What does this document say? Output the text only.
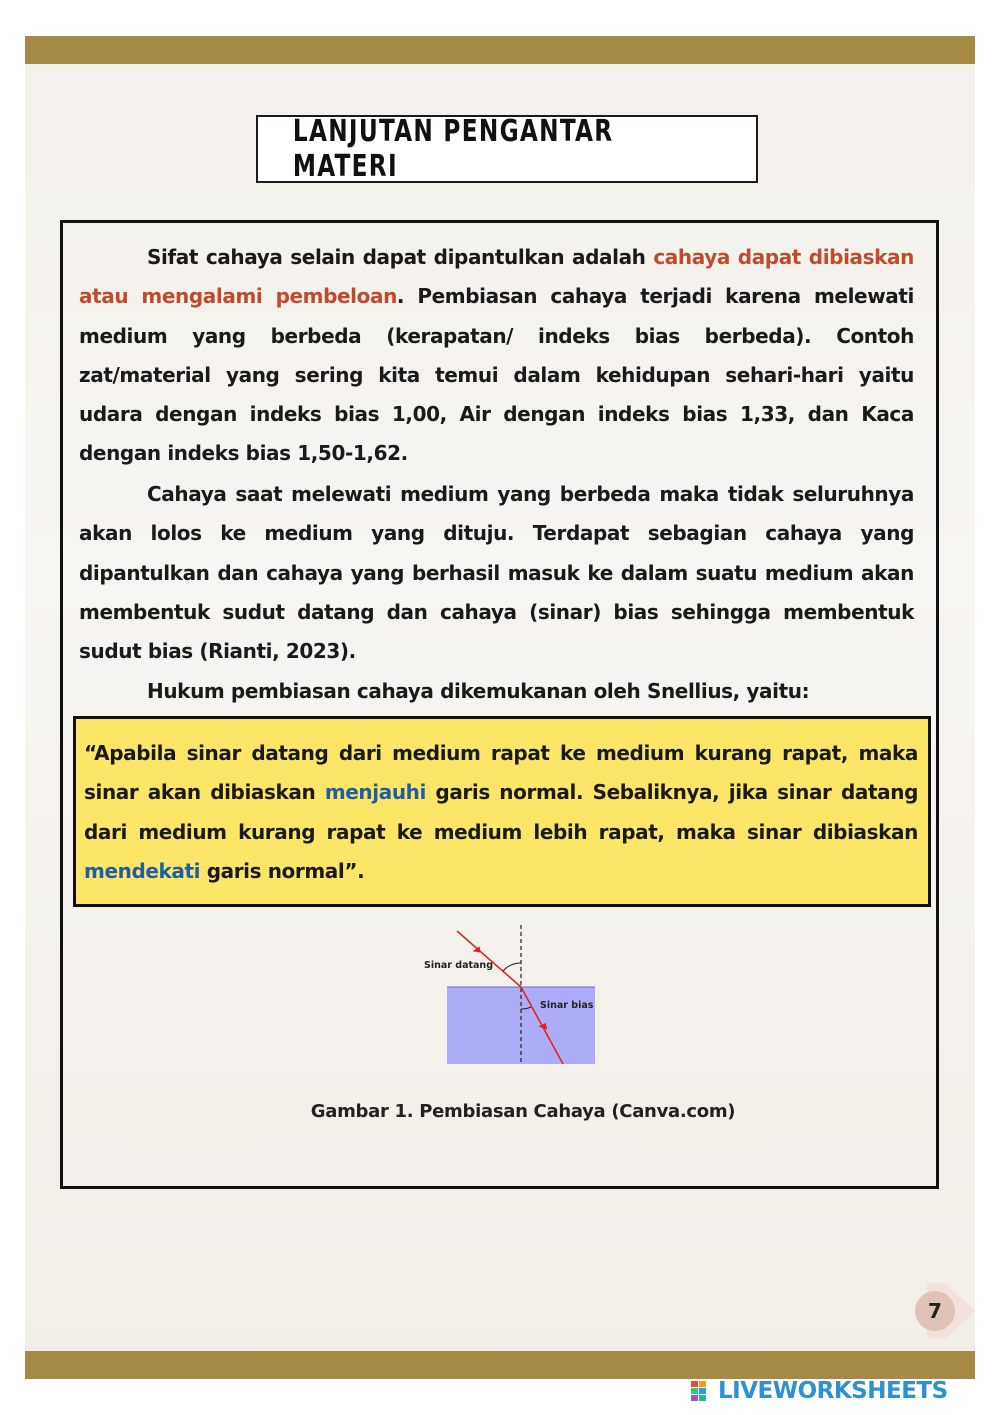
LANJUTAN PENGANTAR MATERI

Sifat cahaya selain dapat dipantulkan adalah cahaya dapat dibiaskan atau mengalami pembeloan. Pembiasan cahaya terjadi karena melewati medium yang berbeda (kerapatan/ indeks bias berbeda). Contoh zat/material yang sering kita temui dalam kehidupan sehari-hari yaitu udara dengan indeks bias 1,00, Air dengan indeks bias 1,33, dan Kaca dengan indeks bias 1,50-1,62.

Cahaya saat melewati medium yang berbeda maka tidak seluruhnya akan lolos ke medium yang dituju. Terdapat sebagian cahaya yang dipantulkan dan cahaya yang berhasil masuk ke dalam suatu medium akan membentuk sudut datang dan cahaya (sinar) bias sehingga membentuk sudut bias (Rianti, 2023).

Hukum pembiasan cahaya dikemukanan oleh Snellius, yaitu:

“Apabila sinar datang dari medium rapat ke medium kurang rapat, maka sinar akan dibiaskan menjauhi garis normal. Sebaliknya, jika sinar datang dari medium kurang rapat ke medium lebih rapat, maka sinar dibiaskan mendekati garis normal”.

Sinar datang
Sinar bias
Gambar 1. Pembiasan Cahaya (Canva.com)
7
LIVEWORKSHEETS
